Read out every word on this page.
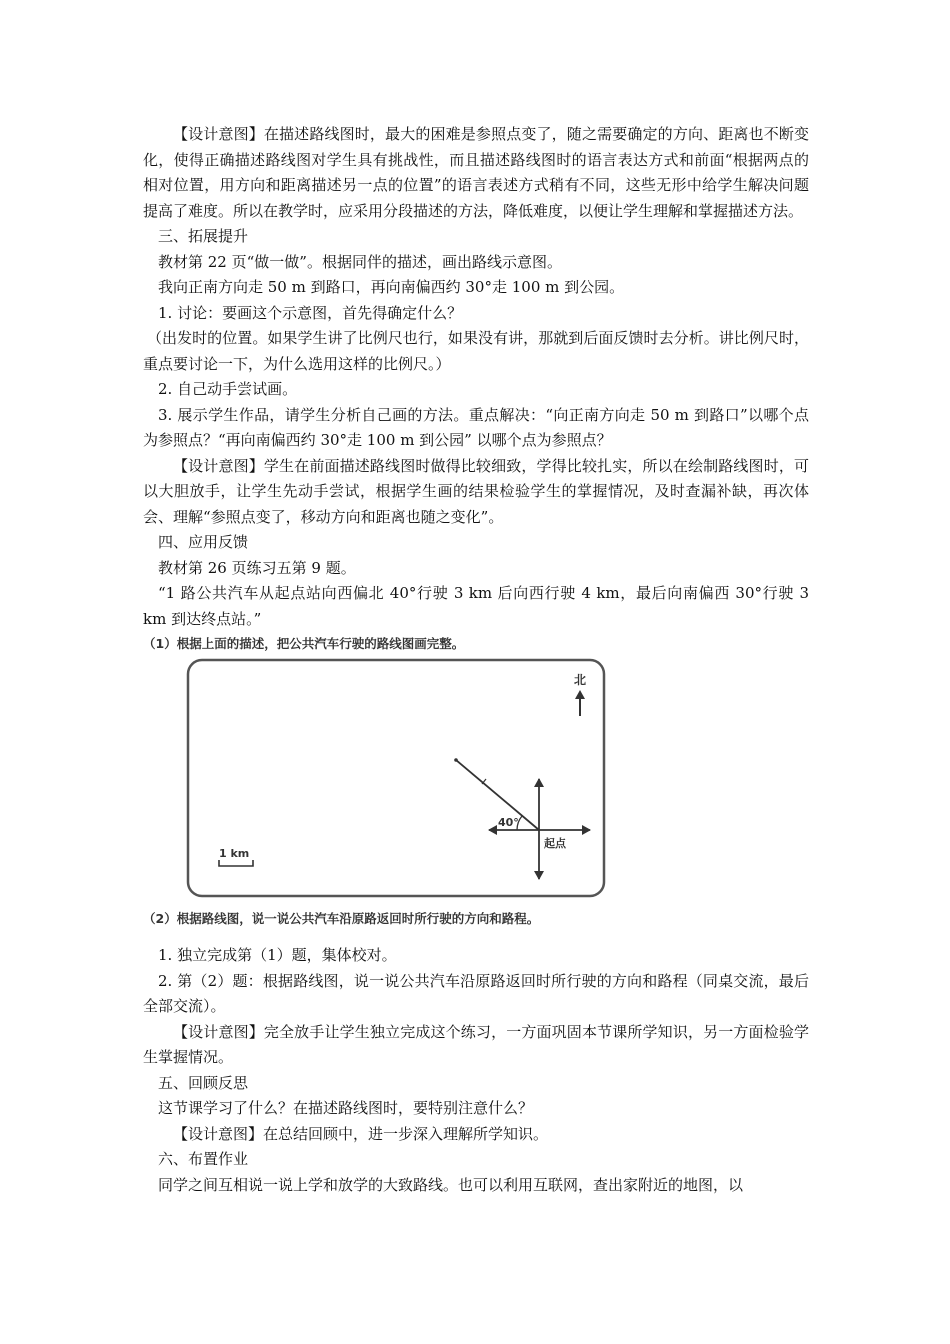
【设计意图】在描述路线图时，最大的困难是参照点变了，随之需要确定的方向、距离也不断变化，使得正确描述路线图对学生具有挑战性，而且描述路线图时的语言表达方式和前面“根据两点的相对位置，用方向和距离描述另一点的位置”的语言表述方式稍有不同，这些无形中给学生解决问题提高了难度。所以在教学时，应采用分段描述的方法，降低难度，以便让学生理解和掌握描述方法。

三、拓展提升

教材第 22 页“做一做”。根据同伴的描述，画出路线示意图。

我向正南方向走 50 m 到路口，再向南偏西约 30°走 100 m 到公园。

1. 讨论：要画这个示意图，首先得确定什么？

（出发时的位置。如果学生讲了比例尺也行，如果没有讲，那就到后面反馈时去分析。讲比例尺时，重点要讨论一下，为什么选用这样的比例尺。）

2. 自己动手尝试画。

3. 展示学生作品，请学生分析自己画的方法。重点解决：“向正南方向走 50 m 到路口”以哪个点为参照点？“再向南偏西约 30°走 100 m 到公园” 以哪个点为参照点？

【设计意图】学生在前面描述路线图时做得比较细致，学得比较扎实，所以在绘制路线图时，可以大胆放手，让学生先动手尝试，根据学生画的结果检验学生的掌握情况，及时查漏补缺，再次体会、理解“参照点变了，移动方向和距离也随之变化”。

四、应用反馈

教材第 26 页练习五第 9 题。

“1 路公共汽车从起点站向西偏北 40°行驶 3 km 后向西行驶 4 km，最后向南偏西 30°行驶 3 km 到达终点站。”

（1）根据上面的描述，把公共汽车行驶的路线图画完整。

北
40°
起点
1 km

（2）根据路线图，说一说公共汽车沿原路返回时所行驶的方向和路程。

1. 独立完成第（1）题，集体校对。

2. 第（2）题：根据路线图，说一说公共汽车沿原路返回时所行驶的方向和路程（同桌交流，最后全部交流）。

【设计意图】完全放手让学生独立完成这个练习，一方面巩固本节课所学知识，另一方面检验学生掌握情况。

五、回顾反思

这节课学习了什么？在描述路线图时，要特别注意什么？

【设计意图】在总结回顾中，进一步深入理解所学知识。

六、布置作业

同学之间互相说一说上学和放学的大致路线。也可以利用互联网，查出家附近的地图，以
